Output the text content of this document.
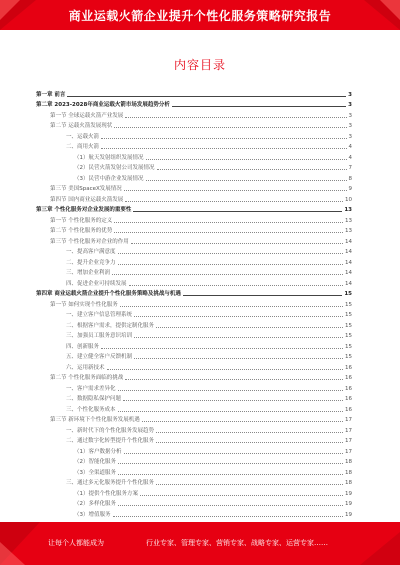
商业运载火箭企业提升个性化服务策略研究报告
内容目录
第一章 前言	3
第二章 2023-2028年商业运载火箭市场发展趋势分析	3
第一节 全球运载火箭产业发展	3
第二节 运载火箭发展现状	3
一、运载火箭	3
二、商用火箭	4
（1）航天发射组织发展情况	4
（2）民营火箭发射公司发展情况	7
（3）民营中游企业发展情况	8
第三节 美国SpaceX发展情况	9
第四节 国内商业运载火箭发展	10
第三章 个性化服务对企业发展的重要性	13
第一节 个性化服务的定义	13
第二节 个性化服务的优势	13
第三节 个性化服务对企业的作用	14
一、提高客户满意度	14
二、提升企业竞争力	14
三、增加企业利润	14
四、促进企业可持续发展	14
第四章 商业运载火箭企业提升个性化服务策略及挑战与机遇	15
第一节 如何实现个性化服务	15
一、建立客户信息管理系统	15
二、根据客户需求，提供定制化服务	15
三、加强员工服务意识培训	15
四、创新服务	15
五、建立健全客户反馈机制	15
六、运用新技术	16
第二节 个性化服务面临的挑战	16
一、客户需求差异化	16
二、数据隐私保护问题	16
三、个性化服务成本	16
第三节 新环境下个性化服务发展机遇	17
一、新时代下的个性化服务发展趋势	17
二、通过数字化转型提升个性化服务	17
（1）客户数据分析	17
（2）智能化服务	18
（3）全渠道服务	18
三、通过多元化服务提升个性化服务	18
（1）提供个性化服务方案	19
（2）多样化服务	19
（3）增值服务	19
让每个人都能成为	行业专家、管理专家、营销专家、战略专家、运营专家……
